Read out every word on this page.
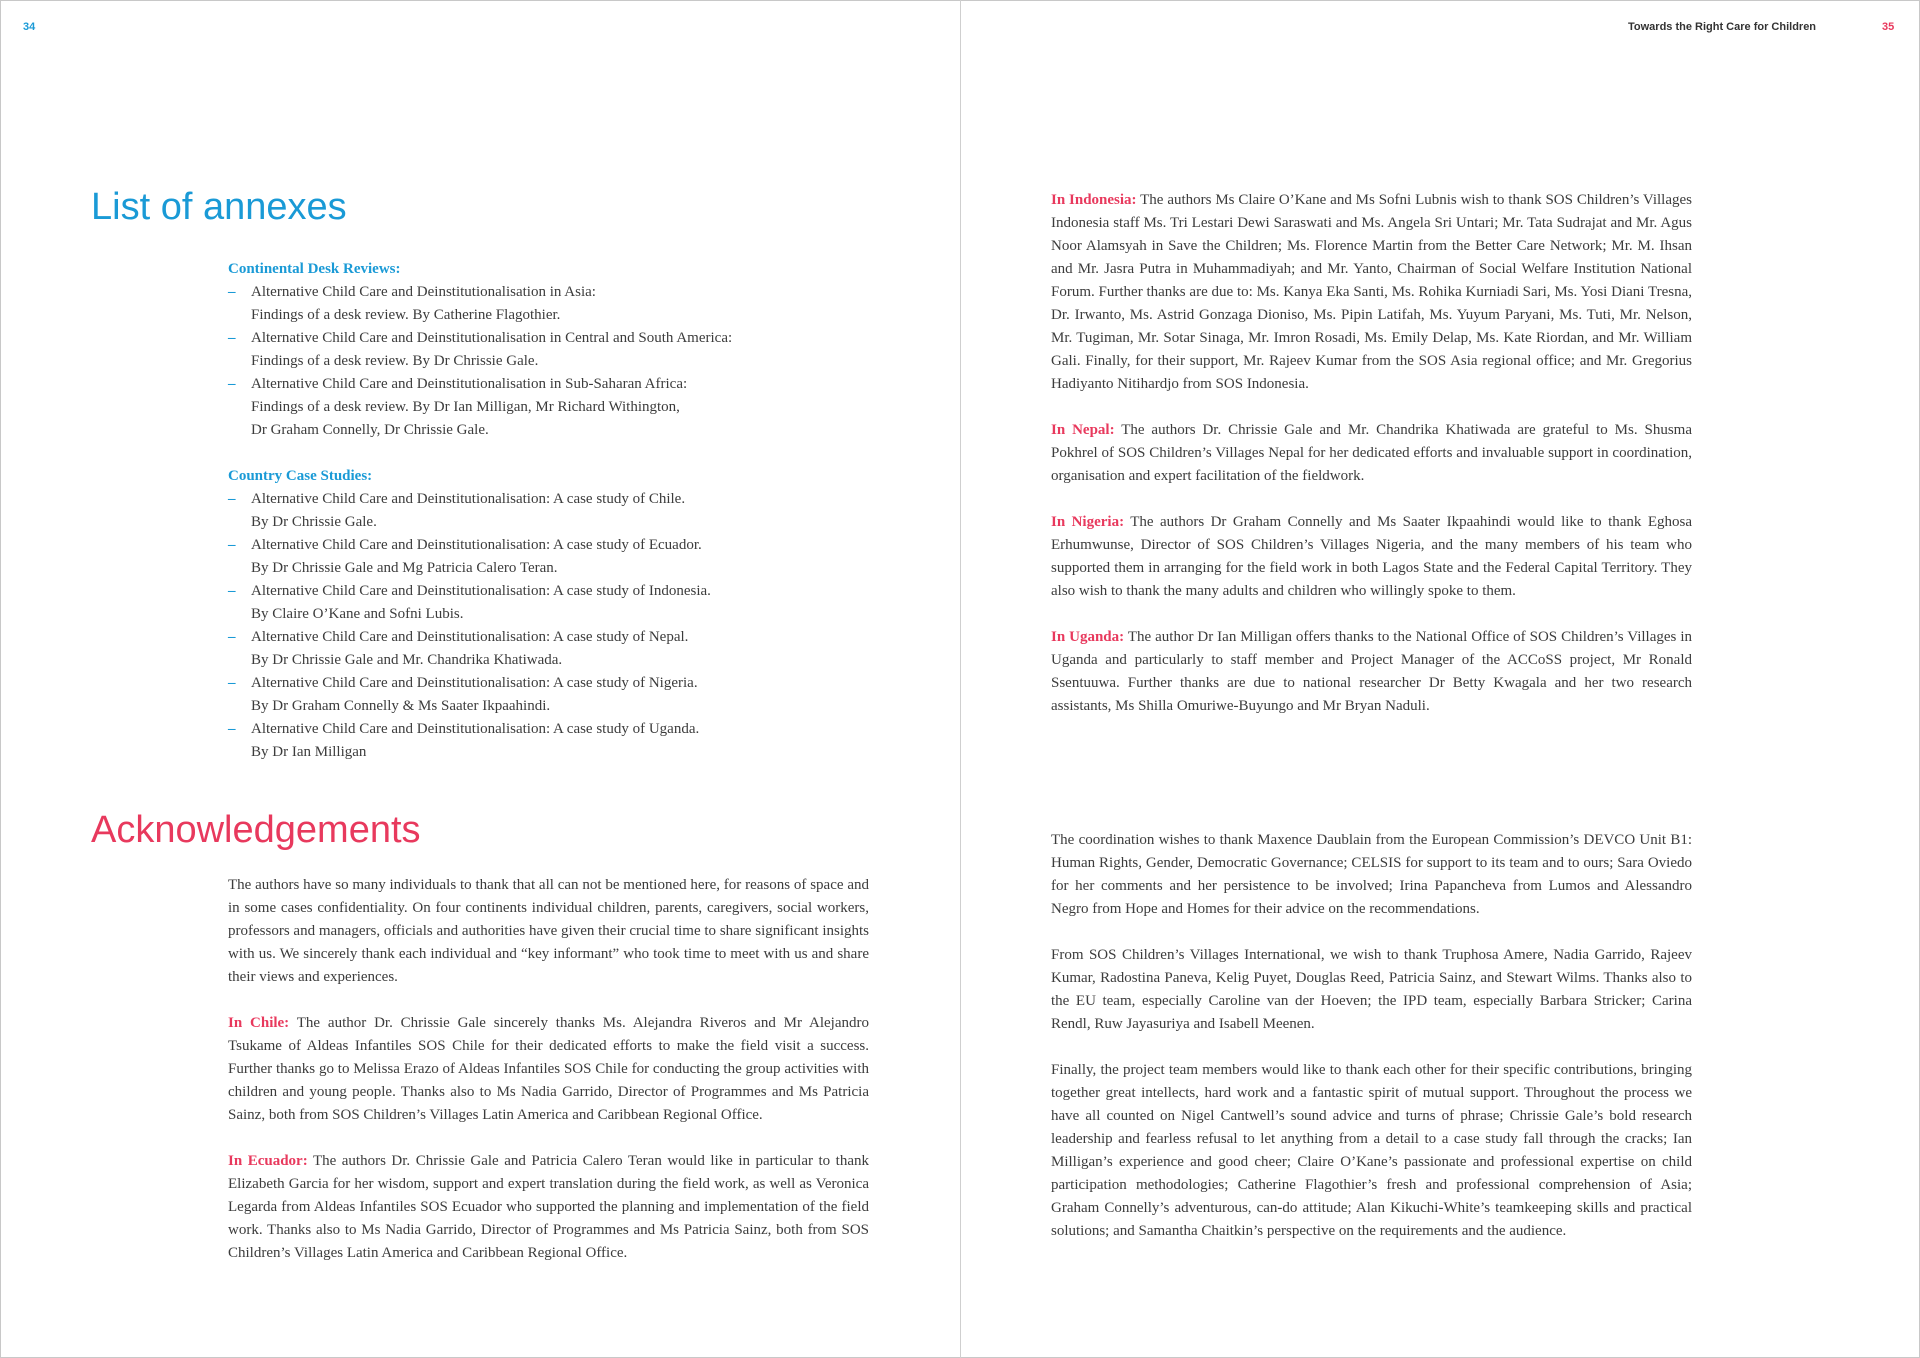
34	Towards the Right Care for Children	35
List of annexes

Continental Desk Reviews:

– Alternative Child Care and Deinstitutionalisation in Asia:
Findings of a desk review. By Catherine Flagothier.
– Alternative Child Care and Deinstitutionalisation in Central and South America:
Findings of a desk review. By Dr Chrissie Gale.
– Alternative Child Care and Deinstitutionalisation in Sub-Saharan Africa:
Findings of a desk review. By Dr Ian Milligan, Mr Richard Withington,
Dr Graham Connelly, Dr Chrissie Gale.

Country Case Studies:

– Alternative Child Care and Deinstitutionalisation: A case study of Chile.
By Dr Chrissie Gale.
– Alternative Child Care and Deinstitutionalisation: A case study of Ecuador.
By Dr Chrissie Gale and Mg Patricia Calero Teran.
– Alternative Child Care and Deinstitutionalisation: A case study of Indonesia.
By Claire O’Kane and Sofni Lubis.
– Alternative Child Care and Deinstitutionalisation: A case study of Nepal.
By Dr Chrissie Gale and Mr. Chandrika Khatiwada.
– Alternative Child Care and Deinstitutionalisation: A case study of Nigeria.
By Dr Graham Connelly & Ms Saater Ikpaahindi.
– Alternative Child Care and Deinstitutionalisation: A case study of Uganda.
By Dr Ian Milligan
Acknowledgements

The authors have so many individuals to thank that all can not be mentioned here, for reasons of space and in some cases confidentiality. On four continents individual children, parents, caregivers, social workers, professors and managers, officials and authorities have given their crucial time to share significant insights with us. We sincerely thank each individual and “key informant” who took time to meet with us and share their views and experiences.

In Chile: The author Dr. Chrissie Gale sincerely thanks Ms. Alejandra Riveros and Mr Alejandro Tsukame of Aldeas Infantiles SOS Chile for their dedicated efforts to make the field visit a success. Further thanks go to Melissa Erazo of Aldeas Infantiles SOS Chile for conducting the group activities with children and young people. Thanks also to Ms Nadia Garrido, Director of Programmes and Ms Patricia Sainz, both from SOS Children’s Villages Latin America and Caribbean Regional Office.

In Ecuador: The authors Dr. Chrissie Gale and Patricia Calero Teran would like in particular to thank Elizabeth Garcia for her wisdom, support and expert translation during the field work, as well as Veronica Legarda from Aldeas Infantiles SOS Ecuador who supported the planning and implementation of the field work. Thanks also to Ms Nadia Garrido, Director of Programmes and Ms Patricia Sainz, both from SOS Children’s Villages Latin America and Caribbean Regional Office.

In Indonesia: The authors Ms Claire O’Kane and Ms Sofni Lubnis wish to thank SOS Children’s Villages Indonesia staff Ms. Tri Lestari Dewi Saraswati and Ms. Angela Sri Untari; Mr. Tata Sudrajat and Mr. Agus Noor Alamsyah in Save the Children; Ms. Florence Martin from the Better Care Network; Mr. M. Ihsan and Mr. Jasra Putra in Muhammadiyah; and Mr. Yanto, Chairman of Social Welfare Institution National Forum. Further thanks are due to: Ms. Kanya Eka Santi, Ms. Rohika Kurniadi Sari, Ms. Yosi Diani Tresna, Dr. Irwanto, Ms. Astrid Gonzaga Dioniso, Ms. Pipin Latifah, Ms. Yuyum Paryani, Ms. Tuti, Mr. Nelson, Mr. Tugiman, Mr. Sotar Sinaga, Mr. Imron Rosadi, Ms. Emily Delap, Ms. Kate Riordan, and Mr. William Gali. Finally, for their support, Mr. Rajeev Kumar from the SOS Asia regional office; and Mr. Gregorius Hadiyanto Nitihardjo from SOS Indonesia.

In Nepal: The authors Dr. Chrissie Gale and Mr. Chandrika Khatiwada are grateful to Ms. Shusma Pokhrel of SOS Children’s Villages Nepal for her dedicated efforts and invaluable support in coordination, organisation and expert facilitation of the fieldwork.

In Nigeria: The authors Dr Graham Connelly and Ms Saater Ikpaahindi would like to thank Eghosa Erhumwunse, Director of SOS Children’s Villages Nigeria, and the many members of his team who supported them in arranging for the field work in both Lagos State and the Federal Capital Territory. They also wish to thank the many adults and children who willingly spoke to them.

In Uganda: The author Dr Ian Milligan offers thanks to the National Office of SOS Children’s Villages in Uganda and particularly to staff member and Project Manager of the ACCoSS project, Mr Ronald Ssentuuwa. Further thanks are due to national researcher Dr Betty Kwagala and her two research assistants, Ms Shilla Omuriwe-Buyungo and Mr Bryan Naduli.

The coordination wishes to thank Maxence Daublain from the European Commission’s DEVCO Unit B1: Human Rights, Gender, Democratic Governance; CELSIS for support to its team and to ours; Sara Oviedo for her comments and her persistence to be involved; Irina Papancheva from Lumos and Alessandro Negro from Hope and Homes for their advice on the recommendations.

From SOS Children’s Villages International, we wish to thank Truphosa Amere, Nadia Garrido, Rajeev Kumar, Radostina Paneva, Kelig Puyet, Douglas Reed, Patricia Sainz, and Stewart Wilms. Thanks also to the EU team, especially Caroline van der Hoeven; the IPD team, especially Barbara Stricker; Carina Rendl, Ruw Jayasuriya and Isabell Meenen.

Finally, the project team members would like to thank each other for their specific contributions, bringing together great intellects, hard work and a fantastic spirit of mutual support. Throughout the process we have all counted on Nigel Cantwell’s sound advice and turns of phrase; Chrissie Gale’s bold research leadership and fearless refusal to let anything from a detail to a case study fall through the cracks; Ian Milligan’s experience and good cheer; Claire O’Kane’s passionate and professional expertise on child participation methodologies; Catherine Flagothier’s fresh and professional comprehension of Asia; Graham Connelly’s adventurous, can-do attitude; Alan Kikuchi-White’s teamkeeping skills and practical solutions; and Samantha Chaitkin’s perspective on the requirements and the audience.
